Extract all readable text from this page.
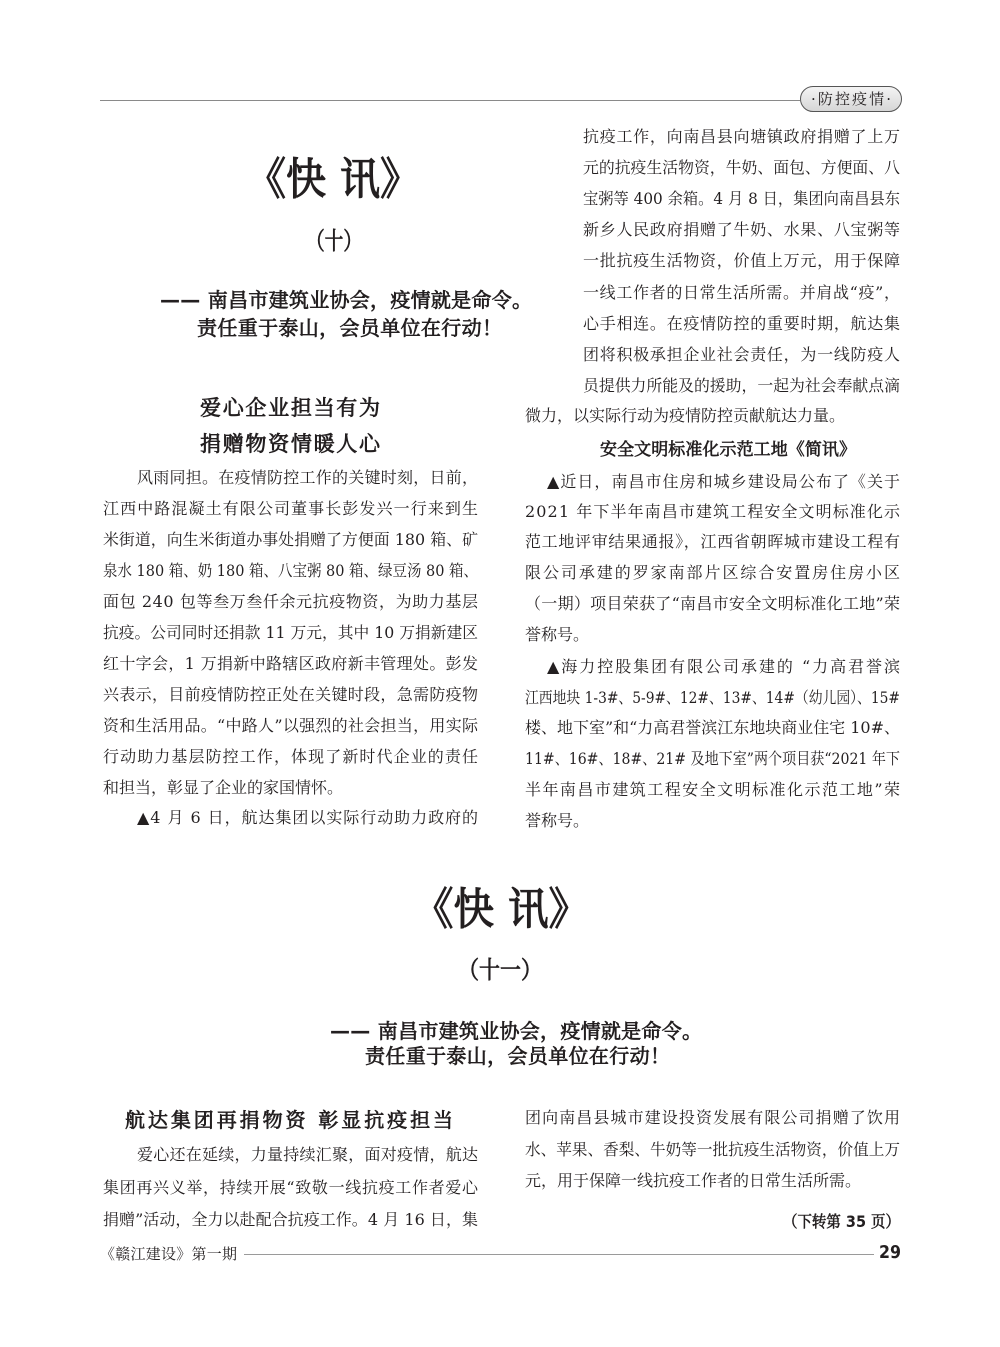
·防控疫情·
《快 讯》
（十）
—— 南昌市建筑业协会，疫情就是命令。
责任重于泰山，会员单位在行动！
爱心企业担当有为
捐赠物资情暖人心
风雨同担。在疫情防控工作的关键时刻，日前，
江西中路混凝土有限公司董事长彭发兴一行来到生
米街道，向生米街道办事处捐赠了方便面 180 箱、矿
泉水 180 箱、奶 180 箱、八宝粥 80 箱、绿豆汤 80 箱、
面包 240 包等叁万叁仟余元抗疫物资，为助力基层
抗疫。公司同时还捐款 11 万元，其中 10 万捐新建区
红十字会，1 万捐新中路辖区政府新丰管理处。彭发
兴表示，目前疫情防控正处在关键时段，急需防疫物
资和生活用品。“中路人”以强烈的社会担当，用实际
行动助力基层防控工作，体现了新时代企业的责任
和担当，彰显了企业的家国情怀。
▲4 月 6 日，航达集团以实际行动助力政府的
抗疫工作，向南昌县向塘镇政府捐赠了上万
元的抗疫生活物资，牛奶、面包、方便面、八
宝粥等 400 余箱。4 月 8 日，集团向南昌县东
新乡人民政府捐赠了牛奶、水果、八宝粥等
一批抗疫生活物资，价值上万元，用于保障
一线工作者的日常生活所需。并肩战“疫”，
心手相连。在疫情防控的重要时期，航达集
团将积极承担企业社会责任，为一线防疫人
员提供力所能及的援助，一起为社会奉献点滴
微力，以实际行动为疫情防控贡献航达力量。
安全文明标准化示范工地《简讯》
▲近日，南昌市住房和城乡建设局公布了《关于
2021 年下半年南昌市建筑工程安全文明标准化示
范工地评审结果通报》，江西省朝晖城市建设工程有
限公司承建的罗家南部片区综合安置房住房小区
（一期）项目荣获了“南昌市安全文明标准化工地”荣
誉称号。
▲海力控股集团有限公司承建的 “力高君誉滨
江西地块 1-3#、5-9#、12#、13#、14#（幼儿园）、15#
楼、地下室”和“力高君誉滨江东地块商业住宅 10#、
11#、16#、18#、21# 及地下室”两个项目获“2021 年下
半年南昌市建筑工程安全文明标准化示范工地”荣
誉称号。
《快 讯》
（十一）
—— 南昌市建筑业协会，疫情就是命令。
责任重于泰山，会员单位在行动！
航达集团再捐物资 彰显抗疫担当
爱心还在延续，力量持续汇聚，面对疫情，航达
集团再兴义举，持续开展“致敬一线抗疫工作者爱心
捐赠”活动，全力以赴配合抗疫工作。4 月 16 日，集
团向南昌县城市建设投资发展有限公司捐赠了饮用
水、苹果、香梨、牛奶等一批抗疫生活物资，价值上万
元，用于保障一线抗疫工作者的日常生活所需。
（下转第 35 页）
《赣江建设》第一期	29
